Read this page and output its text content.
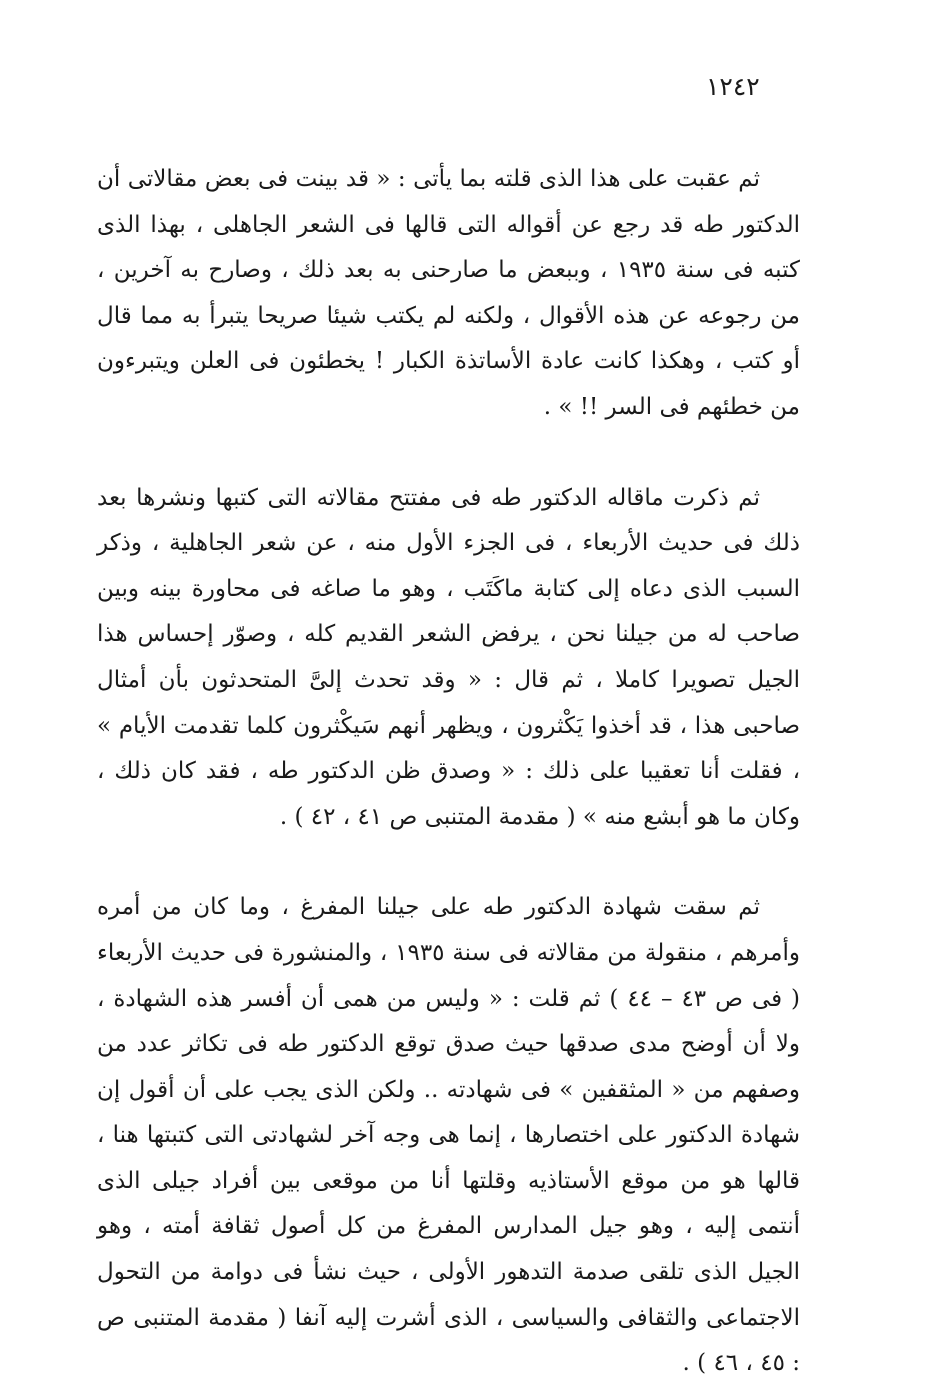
١٢٤٢

ثم عقبت على هذا الذى قلته بما يأتى : « قد بينت فى بعض مقالاتى أن الدكتور طه قد رجع عن أقواله التى قالها فى الشعر الجاهلى ، بهذا الذى كتبه فى سنة ١٩٣٥ ، وببعض ما صارحنى به بعد ذلك ، وصارح به آخرين ، من رجوعه عن هذه الأقوال ، ولكنه لم يكتب شيئا صريحا يتبرأ به مما قال أو كتب ، وهكذا كانت عادة الأساتذة الكبار ! يخطئون فى العلن ويتبرءون من خطئهم فى السر !! » .

ثم ذكرت ماقاله الدكتور طه فى مفتتح مقالاته التى كتبها ونشرها بعد ذلك فى حديث الأربعاء ، فى الجزء الأول منه ، عن شعر الجاهلية ، وذكر السبب الذى دعاه إلى كتابة ماكَتَب ، وهو ما صاغه فى محاورة بينه وبين صاحب له من جيلنا نحن ، يرفض الشعر القديم كله ، وصوّر إحساس هذا الجيل تصويرا كاملا ، ثم قال : « وقد تحدث إلىَّ المتحدثون بأن أمثال صاحبى هذا ، قد أخذوا يَكْثرون ، ويظهر أنهم سَيكْثرون كلما تقدمت الأيام » ، فقلت أنا تعقيبا على ذلك : « وصدق ظن الدكتور طه ، فقد كان ذلك ، وكان ما هو أبشع منه » ( مقدمة المتنبى ص ٤١ ، ٤٢ ) .

ثم سقت شهادة الدكتور طه على جيلنا المفرغ ، وما كان من أمره وأمرهم ، منقولة من مقالاته فى سنة ١٩٣٥ ، والمنشورة فى حديث الأربعاء ( فى ص ٤٣ – ٤٤ ) ثم قلت : « وليس من همى أن أفسر هذه الشهادة ، ولا أن أوضح مدى صدقها حيث صدق توقع الدكتور طه فى تكاثر عدد من وصفهم من « المثقفين » فى شهادته .. ولكن الذى يجب على أن أقول إن شهادة الدكتور على اختصارها ، إنما هى وجه آخر لشهادتى التى كتبتها هنا ، قالها هو من موقع الأستاذيه وقلتها أنا من موقعى بين أفراد جيلى الذى أنتمى إليه ، وهو جيل المدارس المفرغ من كل أصول ثقافة أمته ، وهو الجيل الذى تلقى صدمة التدهور الأولى ، حيث نشأ فى دوامة من التحول الاجتماعى والثقافى والسياسى ، الذى أشرت إليه آنفا ( مقدمة المتنبى ص : ٤٥ ، ٤٦ ) .
